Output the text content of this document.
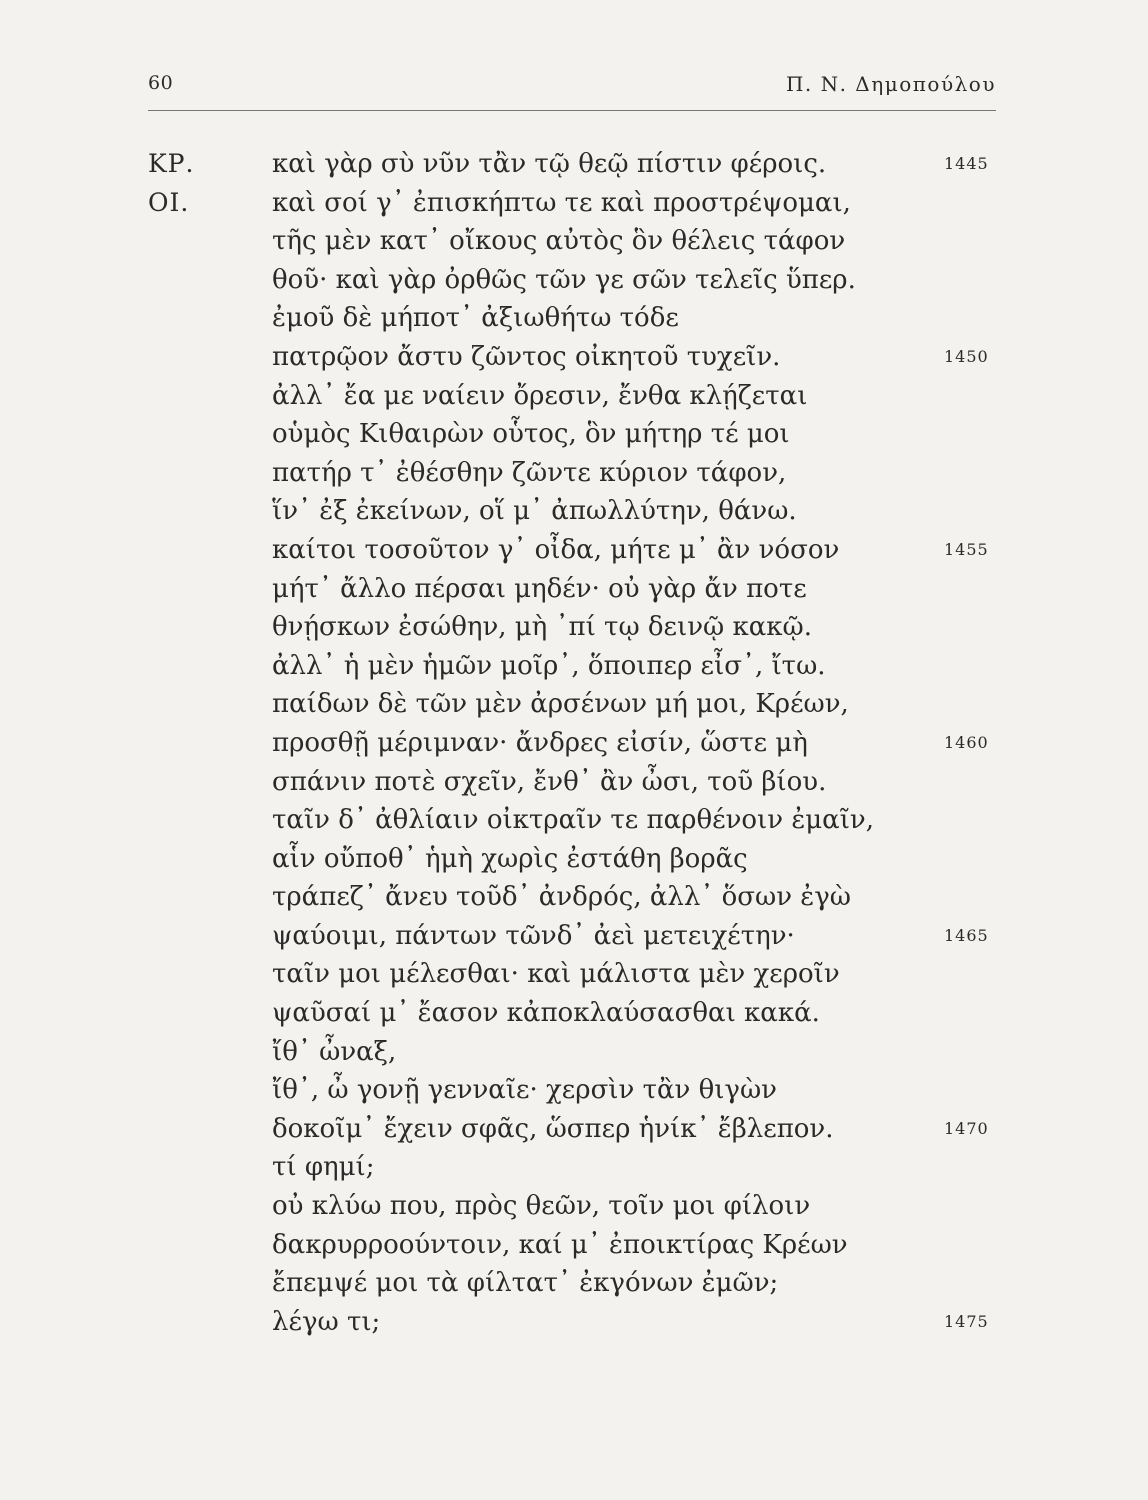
60	Π. Ν. Δημοπούλου
ΚΡ.	καὶ γὰρ σὺ νῦν τἂν τῷ θεῷ πίστιν φέροις.	1445
ΟΙ.	καὶ σοί γ᾽ ἐπισκήπτω τε καὶ προστρέψομαι,
τῆς μὲν κατ᾽ οἴκους αὐτὸς ὃν θέλεις τάφον
θοῦ· καὶ γὰρ ὀρθῶς τῶν γε σῶν τελεῖς ὕπερ.
ἐμοῦ δὲ μήποτ᾽ ἀξιωθήτω τόδε
πατρῷον ἄστυ ζῶντος οἰκητοῦ τυχεῖν.	1450
ἀλλ᾽ ἔα με ναίειν ὄρεσιν, ἔνθα κλῄζεται
οὑμὸς Κιθαιρὼν οὗτος, ὃν μήτηρ τέ μοι
πατήρ τ᾽ ἐθέσθην ζῶντε κύριον τάφον,
ἵν᾽ ἐξ ἐκείνων, οἵ μ᾽ ἀπωλλύτην, θάνω.
καίτοι τοσοῦτον γ᾽ οἶδα, μήτε μ᾽ ἂν νόσον	1455
μήτ᾽ ἄλλο πέρσαι μηδέν· οὐ γὰρ ἄν ποτε
θνῄσκων ἐσώθην, μὴ ᾽πί τῳ δεινῷ κακῷ.
ἀλλ᾽ ἡ μὲν ἡμῶν μοῖρ᾽, ὅποιπερ εἶσ᾽, ἴτω.
παίδων δὲ τῶν μὲν ἀρσένων μή μοι, Κρέων,
προσθῇ μέριμναν· ἄνδρες εἰσίν, ὥστε μὴ	1460
σπάνιν ποτὲ σχεῖν, ἔνθ᾽ ἂν ὦσι, τοῦ βίου.
ταῖν δ᾽ ἀθλίαιν οἰκτραῖν τε παρθένοιν ἐμαῖν,
αἷν οὔποθ᾽ ἡμὴ χωρὶς ἐστάθη βορᾶς
τράπεζ᾽ ἄνευ τοῦδ᾽ ἀνδρός, ἀλλ᾽ ὅσων ἐγὼ
ψαύοιμι, πάντων τῶνδ᾽ ἀεὶ μετειχέτην·	1465
ταῖν μοι μέλεσθαι· καὶ μάλιστα μὲν χεροῖν
ψαῦσαί μ᾽ ἔασον κἀποκλαύσασθαι κακά.
ἴθ᾽ ὦναξ,
ἴθ᾽, ὦ γονῇ γενναῖε· χερσὶν τἂν θιγὼν
δοκοῖμ᾽ ἔχειν σφᾶς, ὥσπερ ἡνίκ᾽ ἔβλεπον.	1470
τί φημί;
οὐ κλύω που, πρὸς θεῶν, τοῖν μοι φίλοιν
δακρυρροούντοιν, καί μ᾽ ἐποικτίρας Κρέων
ἔπεμψέ μοι τὰ φίλτατ᾽ ἐκγόνων ἐμῶν;
λέγω τι;	1475
